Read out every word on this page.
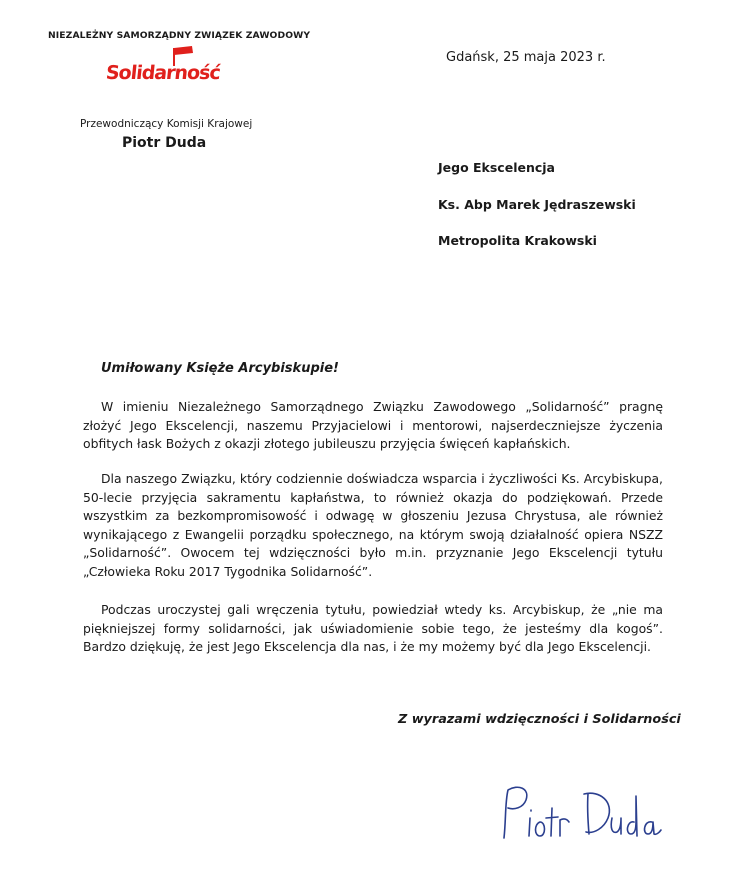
NIEZALEŻNY SAMORZĄDNY ZWIĄZEK ZAWODOWY
Solidarność
Przewodniczący Komisji Krajowej
Piotr Duda
Gdańsk, 25 maja 2023 r.
Jego Ekscelencja
Ks. Abp Marek Jędraszewski
Metropolita Krakowski
Umiłowany Księże Arcybiskupie!
W imieniu Niezależnego Samorządnego Związku Zawodowego „Solidarność” pragnę złożyć Jego Ekscelencji, naszemu Przyjacielowi i mentorowi, najserdeczniejsze życzenia obfitych łask Bożych z okazji złotego jubileuszu przyjęcia święceń kapłańskich.
Dla naszego Związku, który codziennie doświadcza wsparcia i życzliwości Ks. Arcybiskupa, 50-lecie przyjęcia sakramentu kapłaństwa, to również okazja do podziękowań. Przede wszystkim za bezkompromisowość i odwagę w głoszeniu Jezusa Chrystusa, ale również wynikającego z Ewangelii porządku społecznego, na którym swoją działalność opiera NSZZ „Solidarność”. Owocem tej wdzięczności było m.in. przyznanie Jego Ekscelencji tytułu „Człowieka Roku 2017 Tygodnika Solidarność”.
Podczas uroczystej gali wręczenia tytułu, powiedział wtedy ks. Arcybiskup, że „nie ma piękniejszej formy solidarności, jak uświadomienie sobie tego, że jesteśmy dla kogoś”. Bardzo dziękuję, że jest Jego Ekscelencja dla nas, i że my możemy być dla Jego Ekscelencji.
Z wyrazami wdzięczności i Solidarności
